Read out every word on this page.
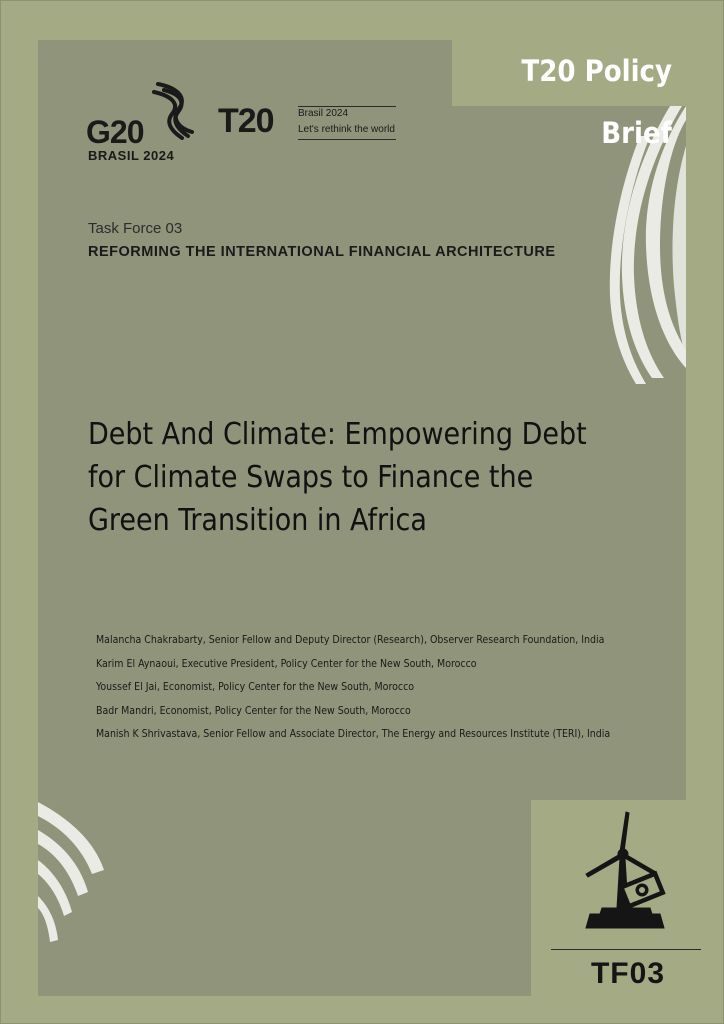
T20 Policy Brief
G20
BRASIL 2024
T20 Brasil 2024
Let's rethink the world
Task Force 03
REFORMING THE INTERNATIONAL FINANCIAL ARCHITECTURE
Debt And Climate: Empowering Debt
for Climate Swaps to Finance the
Green Transition in Africa
Malancha Chakrabarty, Senior Fellow and Deputy Director (Research), Observer Research Foundation, India
Karim El Aynaoui, Executive President, Policy Center for the New South, Morocco
Youssef El Jai, Economist, Policy Center for the New South, Morocco
Badr Mandri, Economist, Policy Center for the New South, Morocco
Manish K Shrivastava, Senior Fellow and Associate Director, The Energy and Resources Institute (TERI), India
TF03
